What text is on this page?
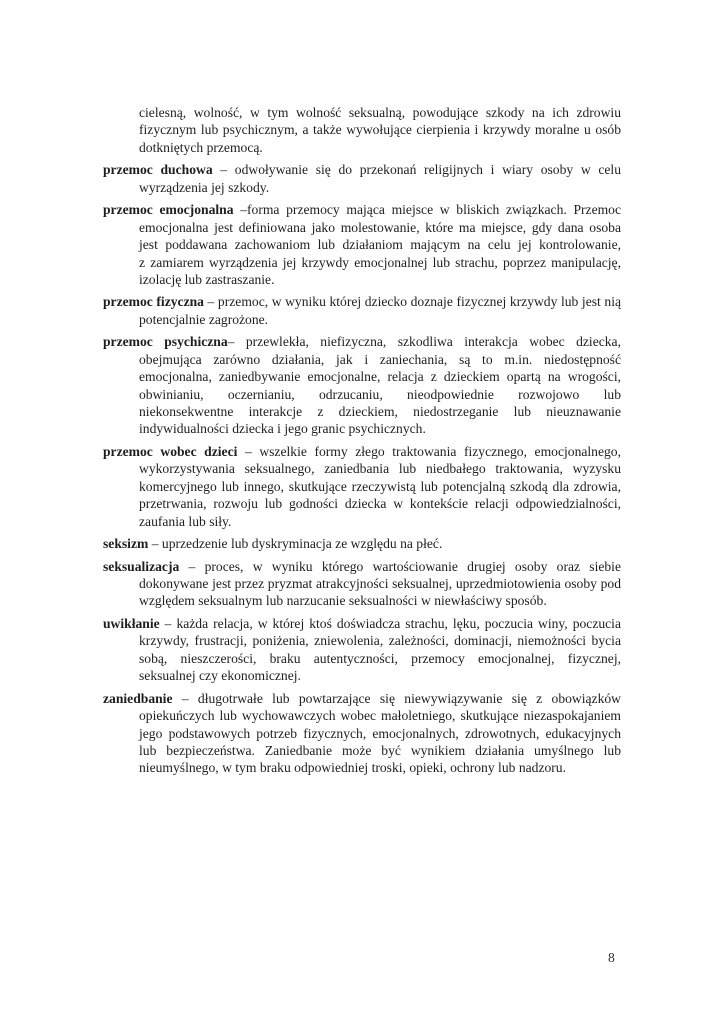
cielesną, wolność, w tym wolność seksualną, powodujące szkody na ich zdrowiu
fizycznym lub psychicznym, a także wywołujące cierpienia i krzywdy moralne u osób
dotkniętych przemocą.
przemoc duchowa – odwoływanie się do przekonań religijnych i wiary osoby w celu
wyrządzenia jej szkody.
przemoc emocjonalna –forma przemocy mająca miejsce w bliskich związkach. Przemoc
emocjonalna jest definiowana jako molestowanie, które ma miejsce, gdy dana osoba
jest poddawana zachowaniom lub działaniom mającym na celu jej kontrolowanie,
z zamiarem wyrządzenia jej krzywdy emocjonalnej lub strachu, poprzez manipulację,
izolację lub zastraszanie.
przemoc fizyczna – przemoc, w wyniku której dziecko doznaje fizycznej krzywdy lub jest nią
potencjalnie zagrożone.
przemoc psychiczna– przewlekła, niefizyczna, szkodliwa interakcja wobec dziecka,
obejmująca zarówno działania, jak i zaniechania, są to m.in. niedostępność
emocjonalna, zaniedbywanie emocjonalne, relacja z dzieckiem opartą na wrogości,
obwinianiu, oczernianiu, odrzucaniu, nieodpowiednie rozwojowo lub
niekonsekwentne interakcje z dzieckiem, niedostrzeganie lub nieuznawanie
indywidualności dziecka i jego granic psychicznych.
przemoc wobec dzieci – wszelkie formy złego traktowania fizycznego, emocjonalnego,
wykorzystywania seksualnego, zaniedbania lub niedbałego traktowania, wyzysku
komercyjnego lub innego, skutkujące rzeczywistą lub potencjalną szkodą dla zdrowia,
przetrwania, rozwoju lub godności dziecka w kontekście relacji odpowiedzialności,
zaufania lub siły.
seksizm – uprzedzenie lub dyskryminacja ze względu na płeć.
seksualizacja – proces, w wyniku którego wartościowanie drugiej osoby oraz siebie
dokonywane jest przez pryzmat atrakcyjności seksualnej, uprzedmiotowienia osoby pod
względem seksualnym lub narzucanie seksualności w niewłaściwy sposób.
uwikłanie – każda relacja, w której ktoś doświadcza strachu, lęku, poczucia winy, poczucia
krzywdy, frustracji, poniżenia, zniewolenia, zależności, dominacji, niemożności bycia
sobą, nieszczerości, braku autentyczności, przemocy emocjonalnej, fizycznej,
seksualnej czy ekonomicznej.
zaniedbanie – długotrwałe lub powtarzające się niewywiązywanie się z obowiązków
opiekuńczych lub wychowawczych wobec małoletniego, skutkujące niezaspokajaniem
jego podstawowych potrzeb fizycznych, emocjonalnych, zdrowotnych, edukacyjnych
lub bezpieczeństwa. Zaniedbanie może być wynikiem działania umyślnego lub
nieumyślnego, w tym braku odpowiedniej troski, opieki, ochrony lub nadzoru.
8
